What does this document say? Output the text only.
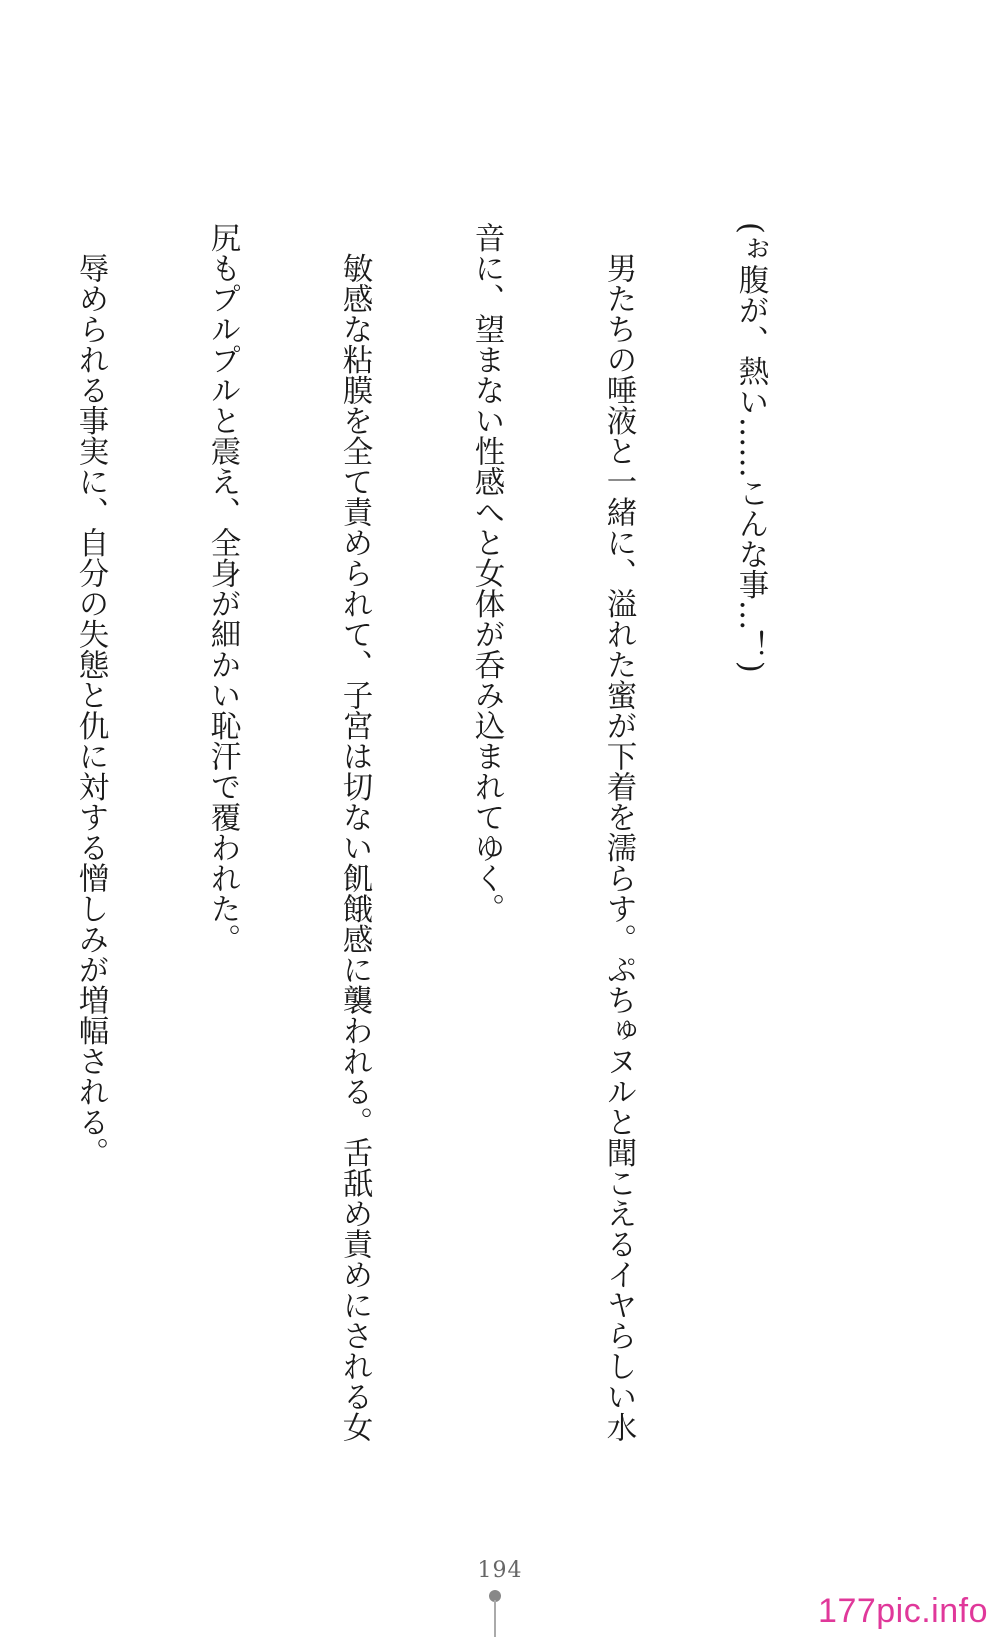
(ぉ腹が、熱い……こんな事…！)

　男たちの唾液と一緒に、溢れた蜜が下着を濡らす。ぷちゅヌルと聞こえるイヤらしい水

音に、望まない性感へと女体が呑み込まれてゆく。

　敏感な粘膜を全て責められて、子宮は切ない飢餓感に襲われる。舌舐め責めにされる女

尻もプルプルと震え、全身が細かい恥汗で覆われた。

　辱められる事実に、自分の失態と仇に対する憎しみが増幅される。

194
177pic.info
